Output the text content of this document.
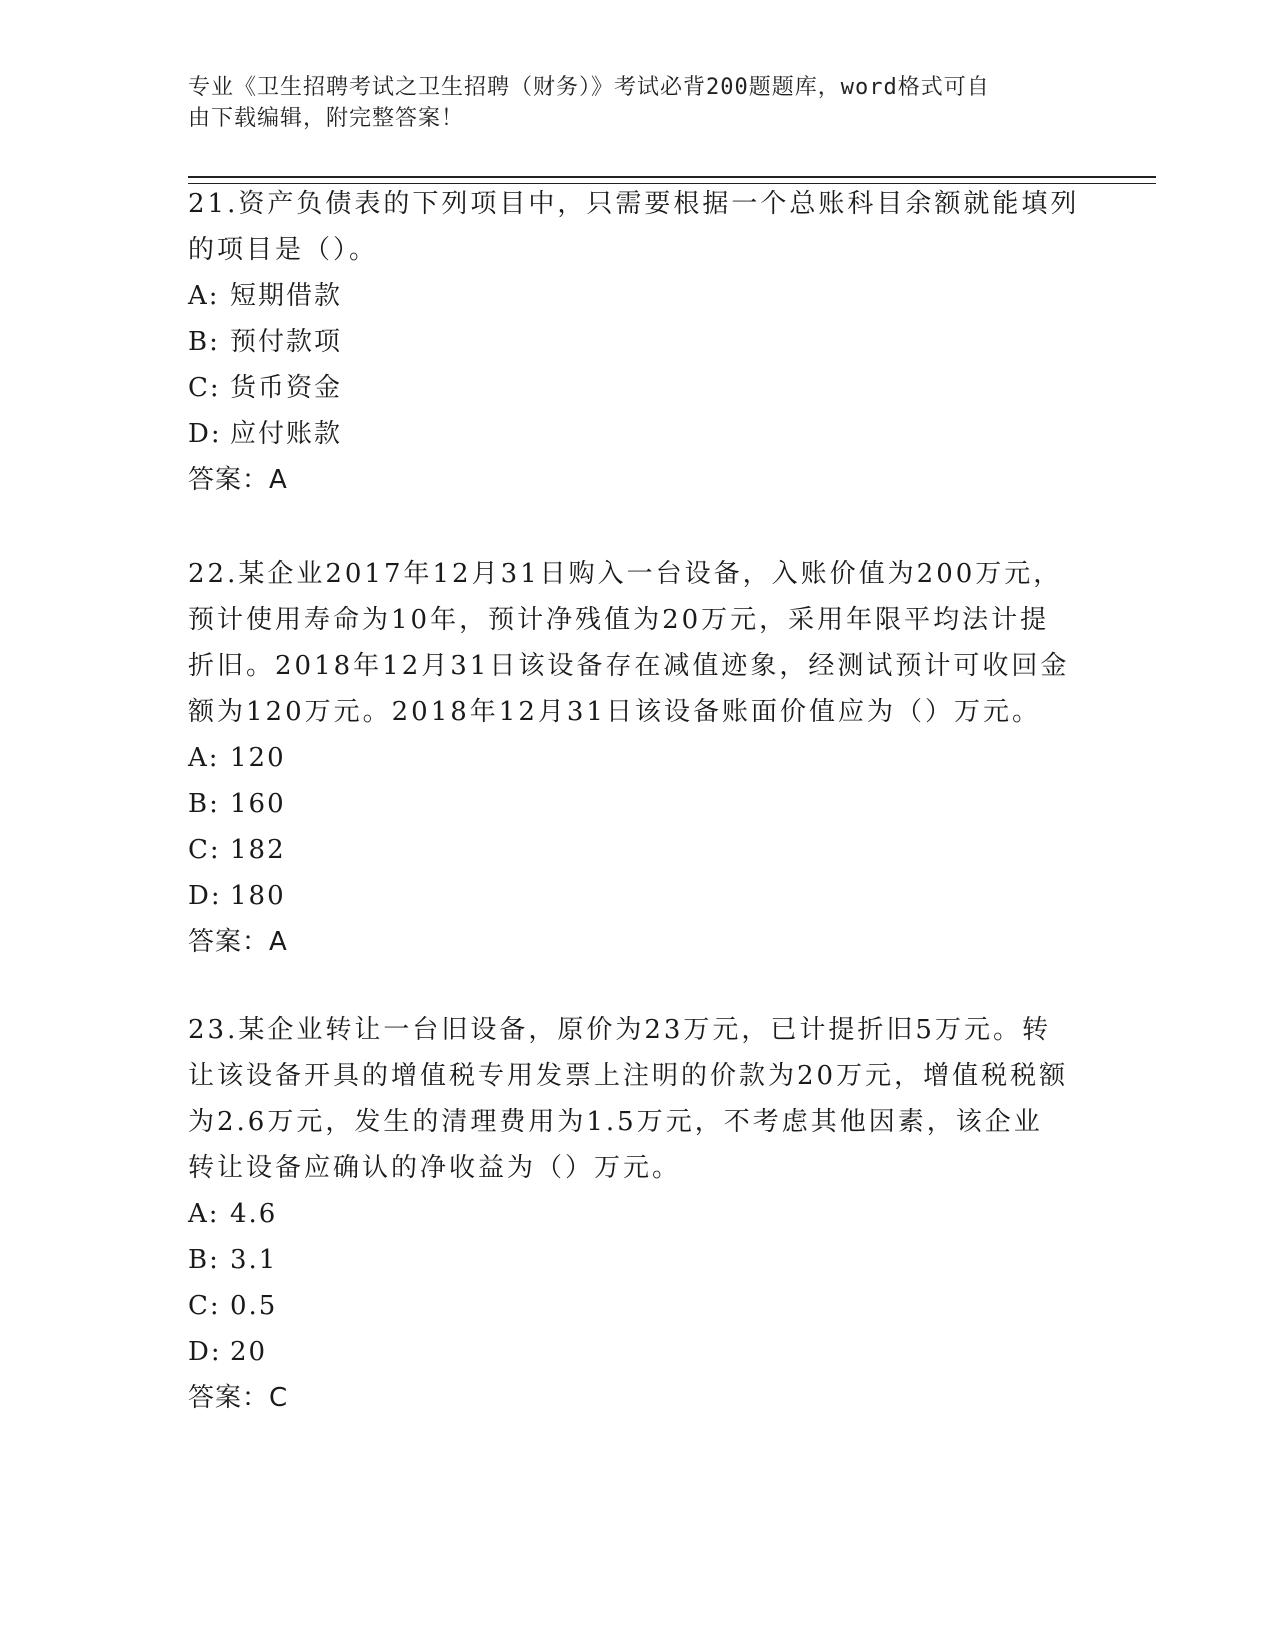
专业《卫生招聘考试之卫生招聘（财务）》考试必背200题题库，word格式可自
由下载编辑，附完整答案！

21.资产负债表的下列项目中，只需要根据一个总账科目余额就能填列

的项目是（）。

A: 短期借款

B: 预付款项

C: 货币资金

D: 应付账款

答案：A

22.某企业2017年12月31日购入一台设备，入账价值为200万元，

预计使用寿命为10年，预计净残值为20万元，采用年限平均法计提

折旧。2018年12月31日该设备存在减值迹象，经测试预计可收回金

额为120万元。2018年12月31日该设备账面价值应为（）万元。

A: 120

B: 160

C: 182

D: 180

答案：A

23.某企业转让一台旧设备，原价为23万元，已计提折旧5万元。转

让该设备开具的增值税专用发票上注明的价款为20万元，增值税税额

为2.6万元，发生的清理费用为1.5万元，不考虑其他因素，该企业

转让设备应确认的净收益为（）万元。

A: 4.6

B: 3.1

C: 0.5

D: 20

答案：C
